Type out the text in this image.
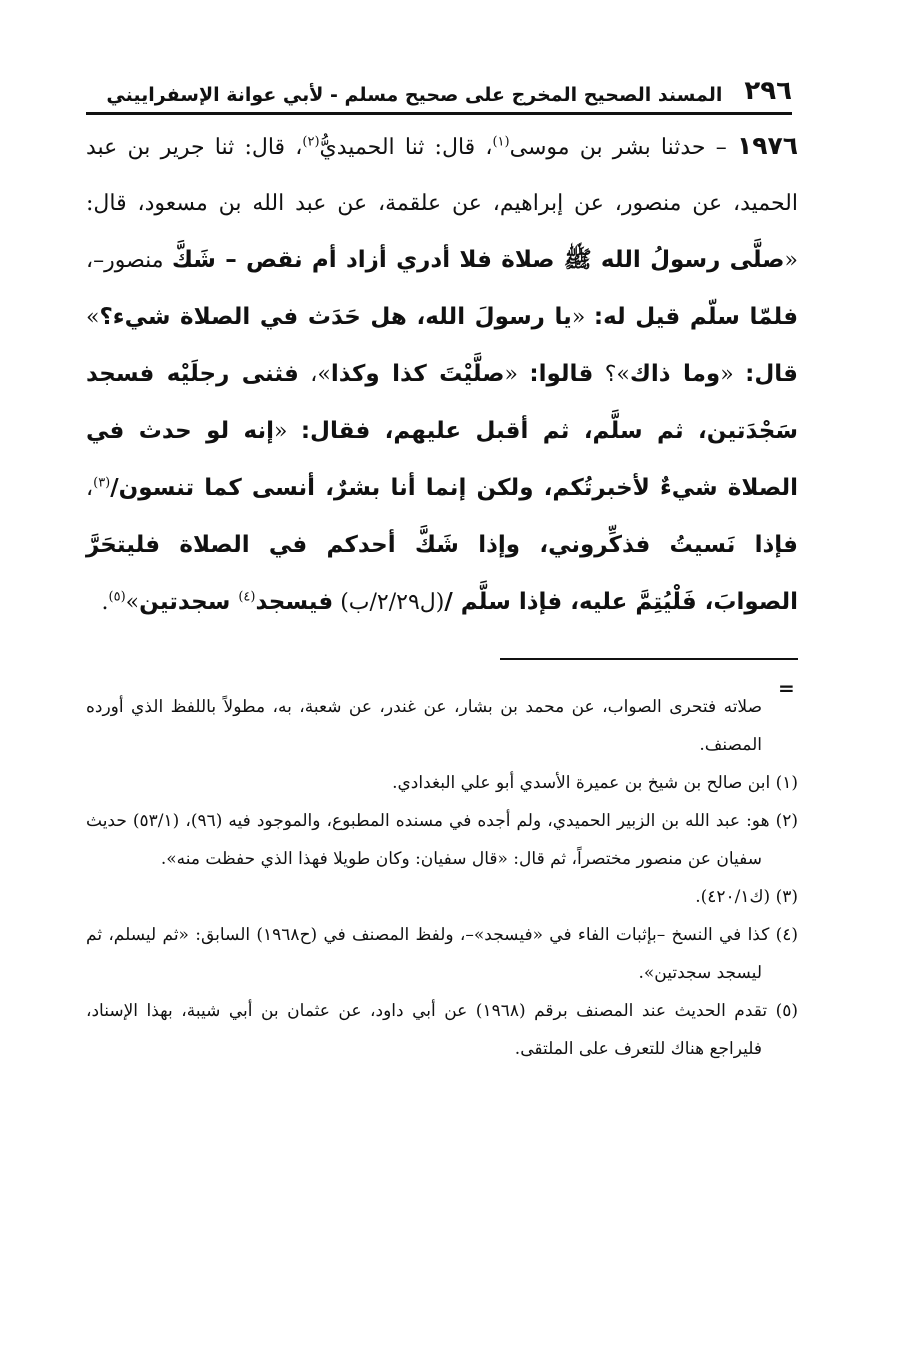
٢٩٦
المسند الصحيح المخرج على صحيح مسلم - لأبي عوانة الإسفراييني
١٩٧٦ – حدثنا بشر بن موسى$^{(١)}$، قال: ثنا الحميديُّ$^{(٢)}$، قال: ثنا جرير بن عبد الحميد، عن منصور، عن إبراهيم، عن علقمة، عن عبد الله بن مسعود، قال: «صلَّى رسولُ الله ﷺ صلاة فلا أدري أزاد أم نقص – شَكَّ منصور–، فلمّا سلّم قيل له: «يا رسولَ الله، هل حَدَث في الصلاة شيء؟» قال: «وما ذاك»؟ قالوا: «صلَّيْتَ كذا وكذا»، فثنى رجلَيْه فسجد سَجْدَتين، ثم سلَّم، ثم أقبل عليهم، فقال: «إنه لو حدث في الصلاة شيءٌ لأخبرتُكم، ولكن إنما أنا بشرٌ، أنسى كما تنسون/$^{(٣)}$، فإذا نَسيتُ فذكِّروني، وإذا شَكَّ أحدكم في الصلاة فليتحَرَّ الصوابَ، فَلْيُتِمَّ عليه، فإذا سلَّم /(ل٢/٢٩/ب) فيسجد$^{(٤)}$ سجدتين»$^{(٥)}$.
=

صلاته فتحرى الصواب، عن محمد بن بشار، عن غندر، عن شعبة، به، مطولاً باللفظ الذي أورده المصنف.

(١) ابن صالح بن شيخ بن عميرة الأسدي أبو علي البغدادي.

(٢) هو: عبد الله بن الزبير الحميدي، ولم أجده في مسنده المطبوع، والموجود فيه (٩٦)، (٥٣/١) حديث سفيان عن منصور مختصراً، ثم قال: «قال سفيان: وكان طويلا فهذا الذي حفظت منه».

(٣) (ك٤٢٠/١).

(٤) كذا في النسخ –بإثبات الفاء في «فيسجد»–، ولفظ المصنف في (ح١٩٦٨) السابق: «ثم ليسلم، ثم ليسجد سجدتين».

(٥) تقدم الحديث عند المصنف برقم (١٩٦٨) عن أبي داود، عن عثمان بن أبي شيبة، بهذا الإسناد، فليراجع هناك للتعرف على الملتقى.
